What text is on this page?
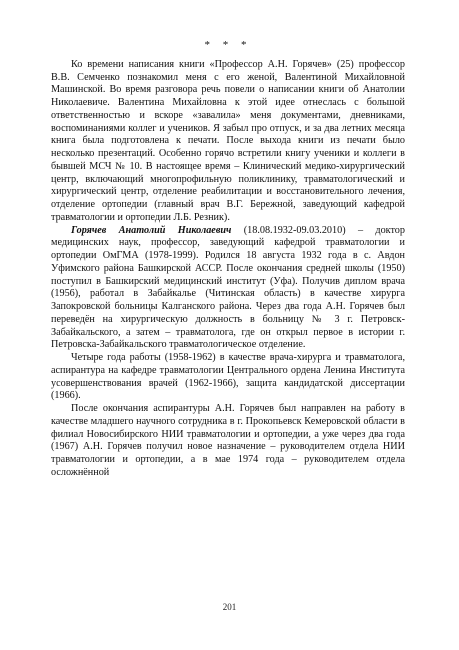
* * *

Ко времени написания книги «Профессор А.Н. Горячев» (25) профессор В.В. Семченко познакомил меня с его женой, Валентиной Михайловной Машинской. Во время разговора речь повели о написании книги об Анатолии Николаевиче. Валентина Михайловна к этой идее отнеслась с большой ответственностью и вскоре «завалила» меня документами, дневниками, воспоминаниями коллег и учеников. Я забыл про отпуск, и за два летних месяца книга была подготовлена к печати. После выхода книги из печати было несколько презентаций. Особенно горячо встретили книгу ученики и коллеги в бывшей МСЧ № 10. В настоящее время – Клинический медико-хирургический центр, включающий многопрофильную поликлинику, травматологический и хирургический центр, отделение реабилитации и восстановительного лечения, отделение ортопедии (главный врач В.Г. Бережной, заведующий кафедрой травматологии и ортопедии Л.Б. Резник).

Горячев Анатолий Николаевич (18.08.1932-09.03.2010) – доктор медицинских наук, профессор, заведующий кафедрой травматологии и ортопедии ОмГМА (1978-1999). Родился 18 августа 1932 года в с. Авдон Уфимского района Башкирской АССР. После окончания средней школы (1950) поступил в Башкирский медицинский институт (Уфа). Получив диплом врача (1956), работал в Забайкалье (Читинская область) в качестве хирурга Запокровской больницы Калганского района. Через два года А.Н. Горячев был переведён на хирургическую должность в больницу № 3 г. Петровск-Забайкальского, а затем – травматолога, где он открыл первое в истории г. Петровска-Забайкальского травматологическое отделение.

Четыре года работы (1958-1962) в качестве врача-хирурга и травматолога, аспирантура на кафедре травматологии Центрального ордена Ленина Института усовершенствования врачей (1962-1966), защита кандидатской диссертации (1966).

После окончания аспирантуры А.Н. Горячев был направлен на работу в качестве младшего научного сотрудника в г. Прокопьевск Кемеровской области в филиал Новосибирского НИИ травматологии и ортопедии, а уже через два года (1967) А.Н. Горячев получил новое назначение – руководителем отдела НИИ травматологии и ортопедии, а в мае 1974 года – руководителем отдела осложнённой

201
